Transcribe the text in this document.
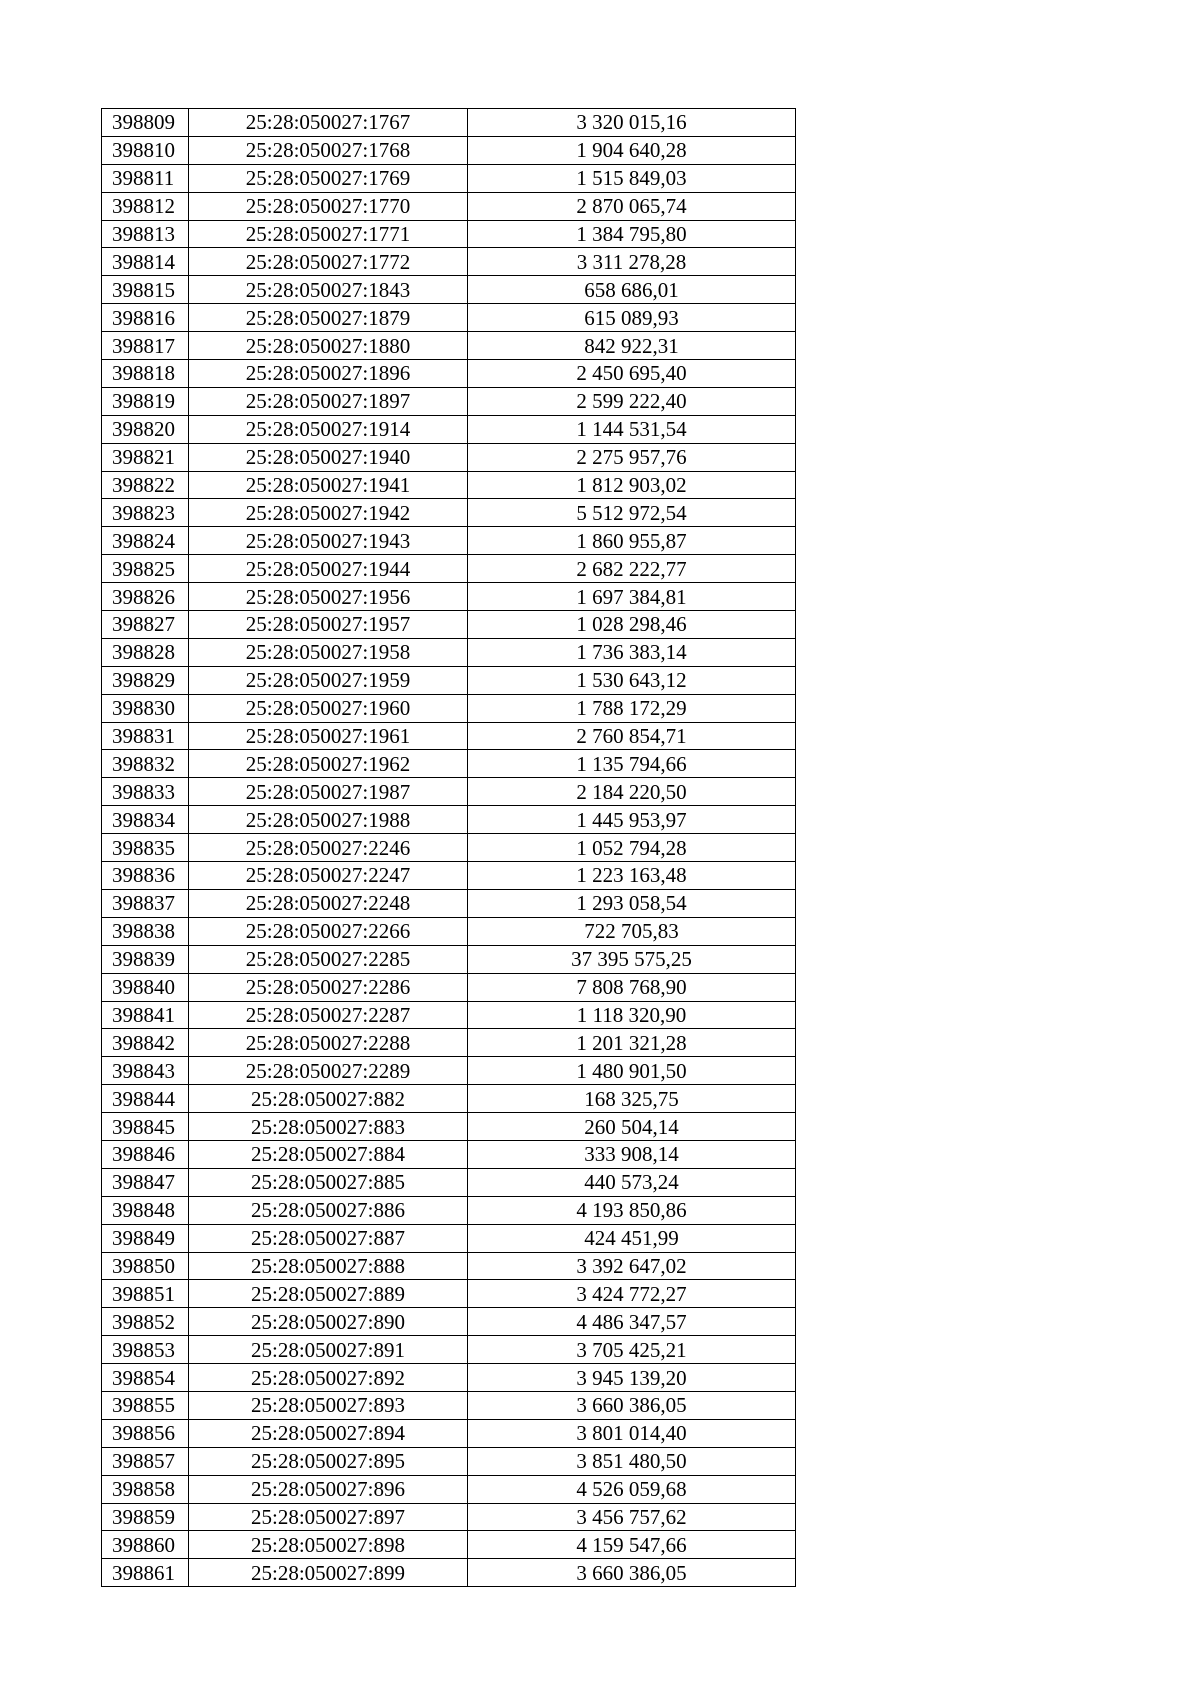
398809	25:28:050027:1767	3 320 015,16
398810	25:28:050027:1768	1 904 640,28
398811	25:28:050027:1769	1 515 849,03
398812	25:28:050027:1770	2 870 065,74
398813	25:28:050027:1771	1 384 795,80
398814	25:28:050027:1772	3 311 278,28
398815	25:28:050027:1843	658 686,01
398816	25:28:050027:1879	615 089,93
398817	25:28:050027:1880	842 922,31
398818	25:28:050027:1896	2 450 695,40
398819	25:28:050027:1897	2 599 222,40
398820	25:28:050027:1914	1 144 531,54
398821	25:28:050027:1940	2 275 957,76
398822	25:28:050027:1941	1 812 903,02
398823	25:28:050027:1942	5 512 972,54
398824	25:28:050027:1943	1 860 955,87
398825	25:28:050027:1944	2 682 222,77
398826	25:28:050027:1956	1 697 384,81
398827	25:28:050027:1957	1 028 298,46
398828	25:28:050027:1958	1 736 383,14
398829	25:28:050027:1959	1 530 643,12
398830	25:28:050027:1960	1 788 172,29
398831	25:28:050027:1961	2 760 854,71
398832	25:28:050027:1962	1 135 794,66
398833	25:28:050027:1987	2 184 220,50
398834	25:28:050027:1988	1 445 953,97
398835	25:28:050027:2246	1 052 794,28
398836	25:28:050027:2247	1 223 163,48
398837	25:28:050027:2248	1 293 058,54
398838	25:28:050027:2266	722 705,83
398839	25:28:050027:2285	37 395 575,25
398840	25:28:050027:2286	7 808 768,90
398841	25:28:050027:2287	1 118 320,90
398842	25:28:050027:2288	1 201 321,28
398843	25:28:050027:2289	1 480 901,50
398844	25:28:050027:882	168 325,75
398845	25:28:050027:883	260 504,14
398846	25:28:050027:884	333 908,14
398847	25:28:050027:885	440 573,24
398848	25:28:050027:886	4 193 850,86
398849	25:28:050027:887	424 451,99
398850	25:28:050027:888	3 392 647,02
398851	25:28:050027:889	3 424 772,27
398852	25:28:050027:890	4 486 347,57
398853	25:28:050027:891	3 705 425,21
398854	25:28:050027:892	3 945 139,20
398855	25:28:050027:893	3 660 386,05
398856	25:28:050027:894	3 801 014,40
398857	25:28:050027:895	3 851 480,50
398858	25:28:050027:896	4 526 059,68
398859	25:28:050027:897	3 456 757,62
398860	25:28:050027:898	4 159 547,66
398861	25:28:050027:899	3 660 386,05
